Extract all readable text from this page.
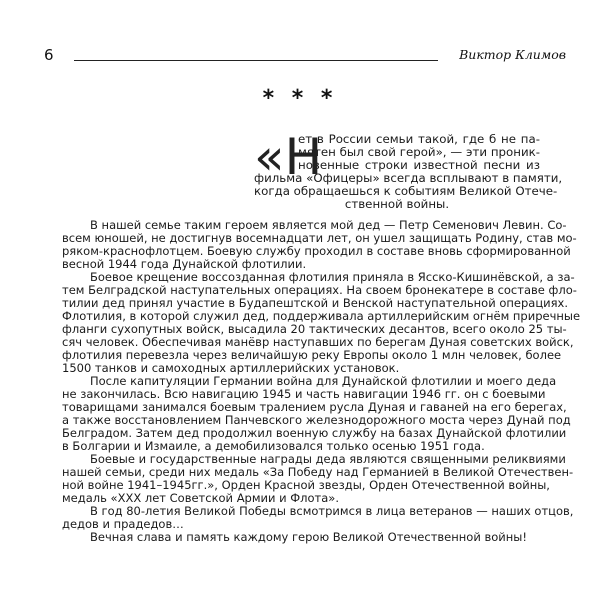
6	Виктор Климов
* * *
«Н
ет в России семьи такой, где б не па-
мятен был свой герой», — эти проник-
новенные строки известной песни из
фильма «Офицеры» всегда всплывают в памяти,
когда обращаешься к событиям Великой Отече-
ственной войны.
В нашей семье таким героем является мой дед — Петр Семенович Левин. Со-
всем юношей, не достигнув восемнадцати лет, он ушел защищать Родину, став мо-
ряком-краснофлотцем. Боевую службу проходил в составе вновь сформированной
весной 1944 года Дунайской флотилии.
Боевое крещение воссозданная флотилия приняла в Ясско-Кишинёвской, а за-
тем Белградской наступательных операциях. На своем бронекатере в составе фло-
тилии дед принял участие в Будапештской и Венской наступательной операциях.
Флотилия, в которой служил дед, поддерживала артиллерийским огнём приречные
фланги сухопутных войск, высадила 20 тактических десантов, всего около 25 ты-
сяч человек. Обеспечивая манёвр наступавших по берегам Дуная советских войск,
флотилия перевезла через величайшую реку Европы около 1 млн человек, более
1500 танков и самоходных артиллерийских установок.
После капитуляции Германии война для Дунайской флотилии и моего деда
не закончилась. Всю навигацию 1945 и часть навигации 1946 гг. он с боевыми
товарищами занимался боевым тралением русла Дуная и гаваней на его берегах,
а также восстановлением Панчевского железнодорожного моста через Дунай под
Белградом. Затем дед продолжил военную службу на базах Дунайской флотилии
в Болгарии и Измаиле, а демобилизовался только осенью 1951 года.
Боевые и государственные награды деда являются священными реликвиями
нашей семьи, среди них медаль «За Победу над Германией в Великой Отечествен-
ной войне 1941–1945гг.», Орден Красной звезды, Орден Отечественной войны,
медаль «XXX лет Советской Армии и Флота».
В год 80-летия Великой Победы всмотримся в лица ветеранов — наших отцов,
дедов и прадедов…
Вечная слава и память каждому герою Великой Отечественной войны!
